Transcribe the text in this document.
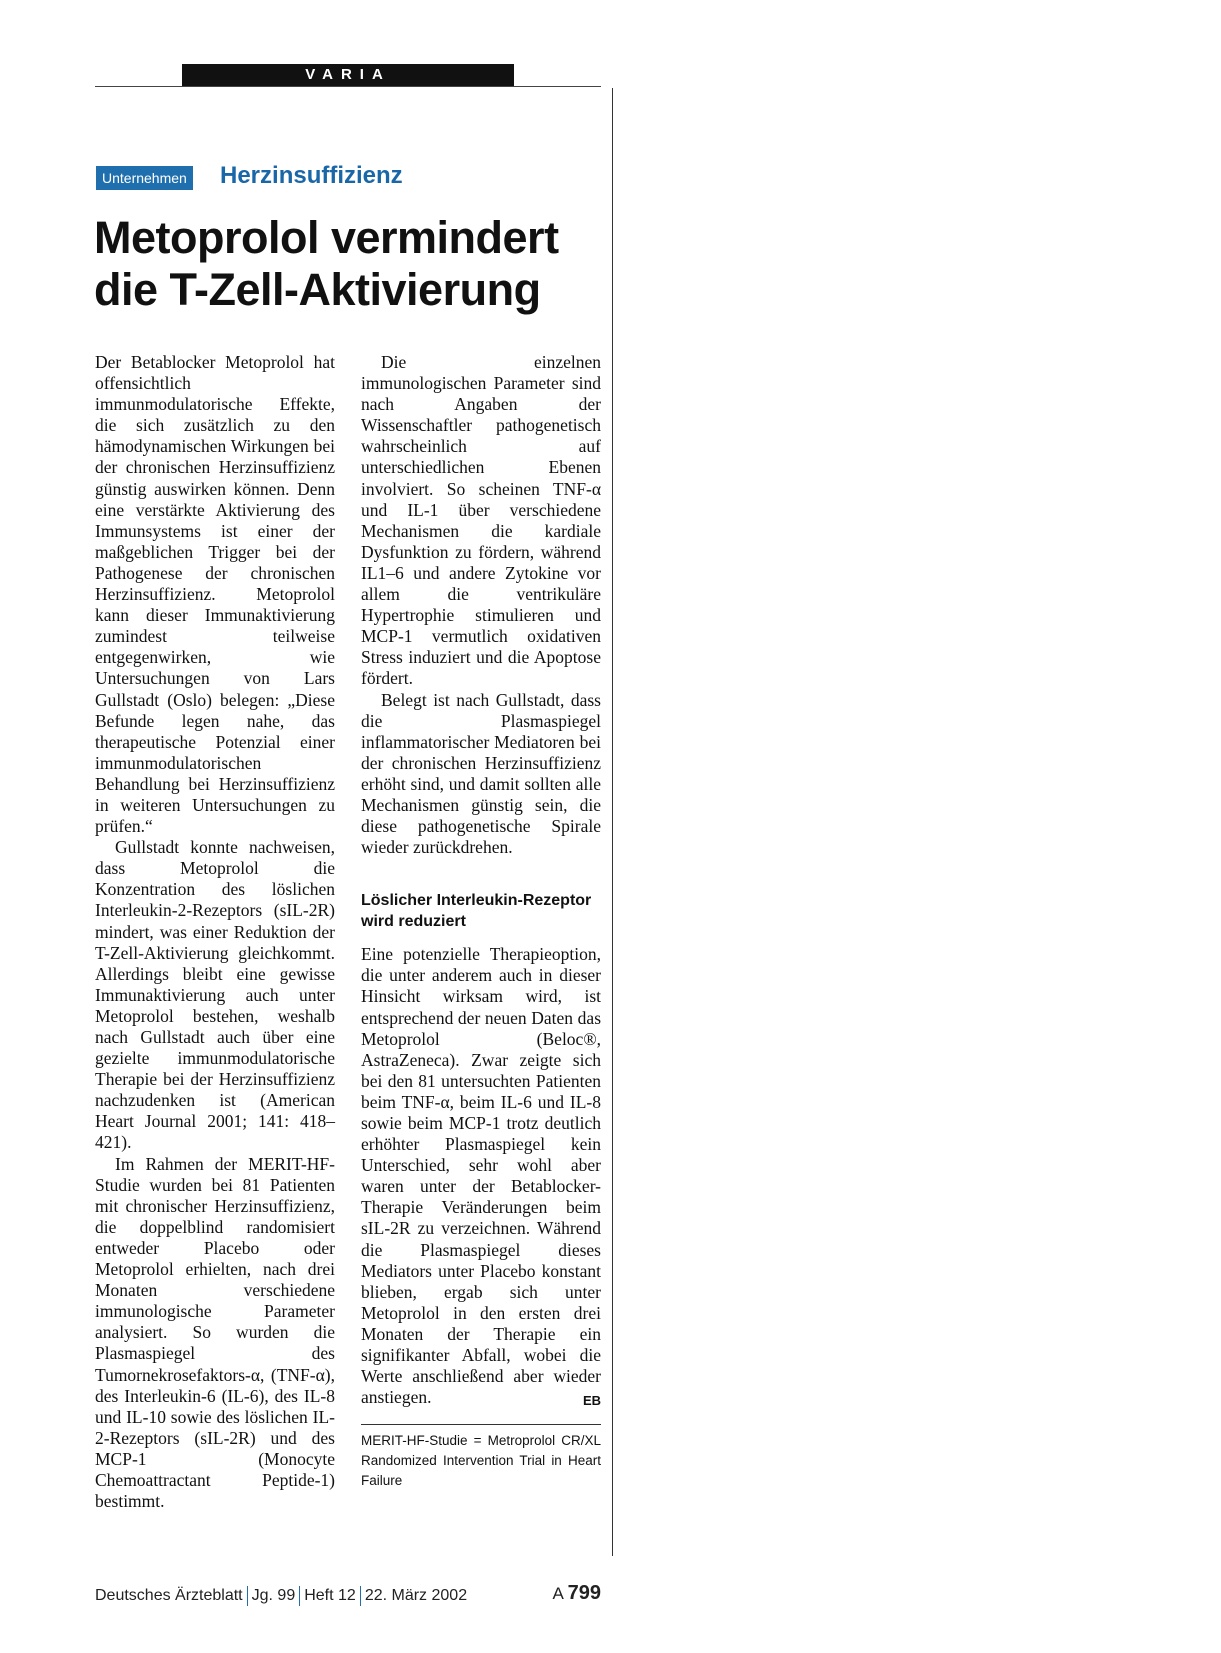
VARIA
Unternehmen Herzinsuffizienz
Metoprolol vermindert
die T-Zell-Aktivierung

Der Betablocker Metoprolol hat offensichtlich immunmodulatorische Effekte, die sich zusätzlich zu den hämodynamischen Wirkungen bei der chronischen Herzinsuffizienz günstig auswirken können. Denn eine verstärkte Aktivierung des Immunsystems ist einer der maßgeblichen Trigger bei der Pathogenese der chronischen Herzinsuffizienz. Metoprolol kann dieser Immunaktivierung zumindest teilweise entgegenwirken, wie Untersuchungen von Lars Gullstadt (Oslo) belegen: „Diese Befunde legen nahe, das therapeutische Potenzial einer immunmodulatorischen Behandlung bei Herzinsuffizienz in weiteren Untersuchungen zu prüfen.“

Gullstadt konnte nachweisen, dass Metoprolol die Konzentration des löslichen Interleukin-2-Rezeptors (sIL-2R) mindert, was einer Reduktion der T-Zell-Aktivierung gleichkommt. Allerdings bleibt eine gewisse Immunaktivierung auch unter Metoprolol bestehen, weshalb nach Gullstadt auch über eine gezielte immunmodulatorische Therapie bei der Herzinsuffizienz nachzudenken ist (American Heart Journal 2001; 141: 418–421).

Im Rahmen der MERIT-HF-Studie wurden bei 81 Patienten mit chronischer Herzinsuffizienz, die doppelblind randomisiert entweder Placebo oder Metoprolol erhielten, nach drei Monaten verschiedene immunologische Parameter analysiert. So wurden die Plasmaspiegel des Tumornekrosefaktors-α, (TNF-α), des Interleukin-6 (IL-6), des IL-8 und IL-10 sowie des löslichen IL-2-Rezeptors (sIL-2R) und des MCP-1 (Monocyte Chemoattractant Peptide-1) bestimmt.

Die einzelnen immunologischen Parameter sind nach Angaben der Wissenschaftler pathogenetisch wahrscheinlich auf unterschiedlichen Ebenen involviert. So scheinen TNF-α und IL-1 über verschiedene Mechanismen die kardiale Dysfunktion zu fördern, während IL1–6 und andere Zytokine vor allem die ventrikuläre Hypertrophie stimulieren und MCP-1 vermutlich oxidativen Stress induziert und die Apoptose fördert.

Belegt ist nach Gullstadt, dass die Plasmaspiegel inflammatorischer Mediatoren bei der chronischen Herzinsuffizienz erhöht sind, und damit sollten alle Mechanismen günstig sein, die diese pathogenetische Spirale wieder zurückdrehen.

Löslicher Interleukin-Rezeptor wird reduziert

Eine potenzielle Therapieoption, die unter anderem auch in dieser Hinsicht wirksam wird, ist entsprechend der neuen Daten das Metoprolol (Beloc®, AstraZeneca). Zwar zeigte sich bei den 81 untersuchten Patienten beim TNF-α, beim IL-6 und IL-8 sowie beim MCP-1 trotz deutlich erhöhter Plasmaspiegel kein Unterschied, sehr wohl aber waren unter der Betablocker-Therapie Veränderungen beim sIL-2R zu verzeichnen. Während die Plasmaspiegel dieses Mediators unter Placebo konstant blieben, ergab sich unter Metoprolol in den ersten drei Monaten der Therapie ein signifikanter Abfall, wobei die Werte anschließend aber wieder anstiegen.	EB

MERIT-HF-Studie = Metroprolol CR/XL Randomized Intervention Trial in Heart Failure
Deutsches Ärzteblatt Jg. 99 Heft 12 22. März 2002	A 799
